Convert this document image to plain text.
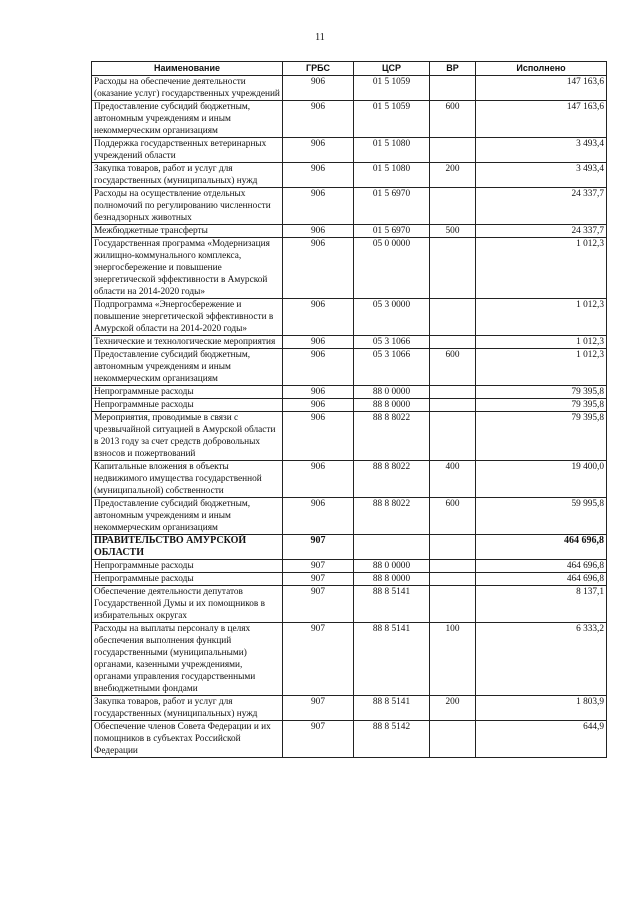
11
Наименование	ГРБС	ЦСР	ВР	Исполнено
Расходы на обеспечение деятельности (оказание услуг) государственных учреждений	906	01 5 1059		147 163,6
Предоставление субсидий бюджетным, автономным учреждениям и иным некоммерческим организациям	906	01 5 1059	600	147 163,6
Поддержка государственных ветеринарных учреждений области	906	01 5 1080		3 493,4
Закупка товаров, работ и услуг для государственных (муниципальных) нужд	906	01 5 1080	200	3 493,4
Расходы на осуществление отдельных полномочий по регулированию численности безнадзорных животных	906	01 5 6970		24 337,7
Межбюджетные трансферты	906	01 5 6970	500	24 337,7
Государственная программа «Модернизация жилищно-коммунального комплекса, энергосбережение и повышение энергетической эффективности в Амурской области на 2014-2020 годы»	906	05 0 0000		1 012,3
Подпрограмма «Энергосбережение и повышение энергетической эффективности в Амурской области на 2014-2020 годы»	906	05 3 0000		1 012,3
Технические и технологические мероприятия	906	05 3 1066		1 012,3
Предоставление субсидий бюджетным, автономным учреждениям и иным некоммерческим организациям	906	05 3 1066	600	1 012,3
Непрограммные расходы	906	88 0 0000		79 395,8
Непрограммные расходы	906	88 8 0000		79 395,8
Мероприятия, проводимые в связи с чрезвычайной ситуацией в Амурской области в 2013 году за счет средств добровольных взносов и пожертвований	906	88 8 8022		79 395,8
Капитальные вложения в объекты недвижимого имущества государственной (муниципальной) собственности	906	88 8 8022	400	19 400,0
Предоставление субсидий бюджетным, автономным учреждениям и иным некоммерческим организациям	906	88 8 8022	600	59 995,8
ПРАВИТЕЛЬСТВО АМУРСКОЙ ОБЛАСТИ	907			464 696,8
Непрограммные расходы	907	88 0 0000		464 696,8
Непрограммные расходы	907	88 8 0000		464 696,8
Обеспечение деятельности депутатов Государственной Думы и их помощников в избирательных округах	907	88 8 5141		8 137,1
Расходы на выплаты персоналу в целях обеспечения выполнения функций государственными (муниципальными) органами, казенными учреждениями, органами управления государственными внебюджетными фондами	907	88 8 5141	100	6 333,2
Закупка товаров, работ и услуг для государственных (муниципальных) нужд	907	88 8 5141	200	1 803,9
Обеспечение членов Совета Федерации и их помощников в субъектах Российской Федерации	907	88 8 5142		644,9
